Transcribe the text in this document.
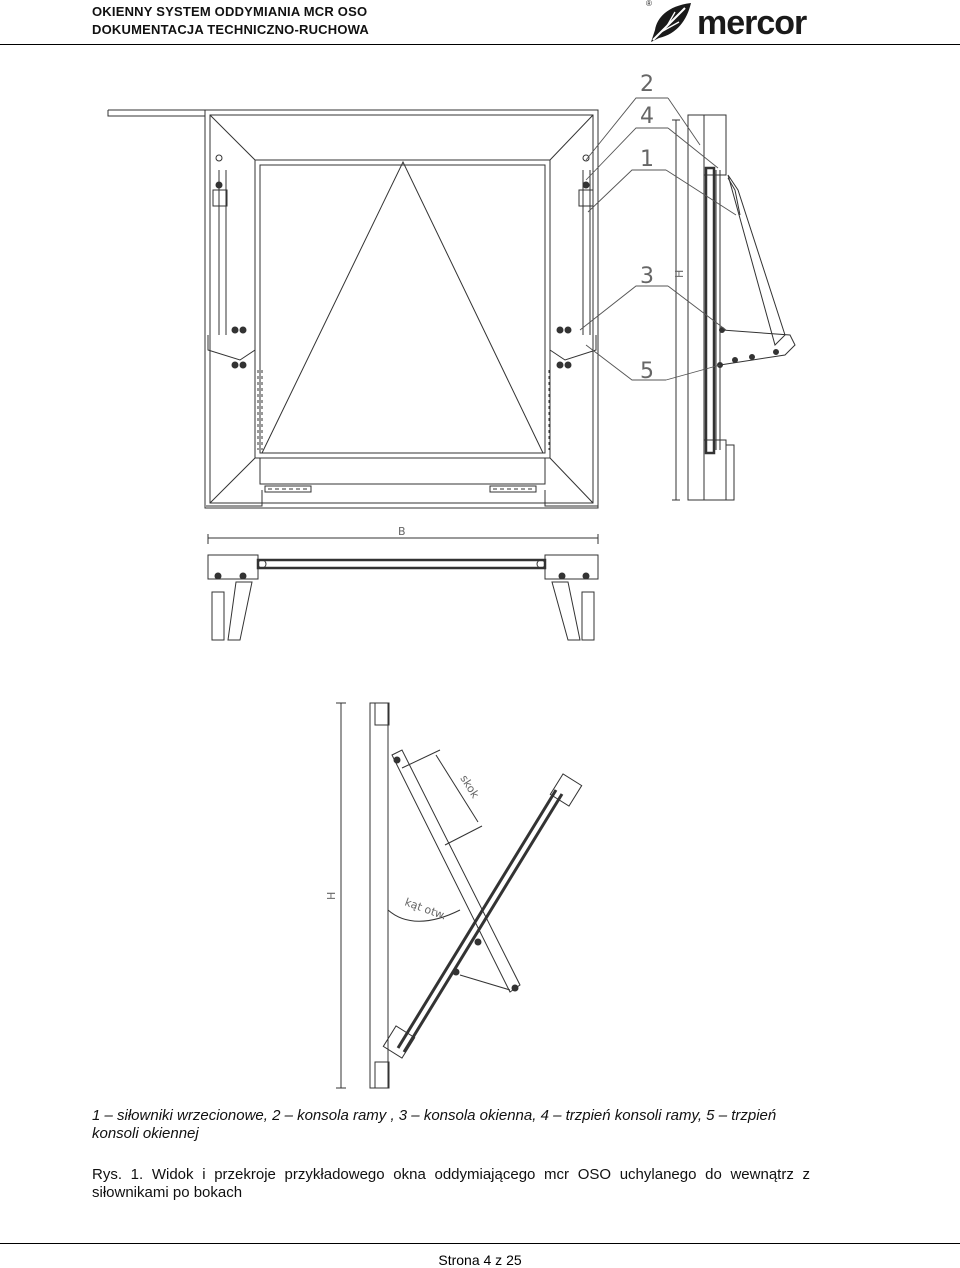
OKIENNY SYSTEM ODDYMIANIA MCR OSO
DOKUMENTACJA TECHNICZNO-RUCHOWA
®
mercor
2
4
1
3
5
H
B
skok
kąt otw.
H
1 – siłowniki wrzecionowe, 2 – konsola ramy , 3 – konsola okienna, 4 – trzpień konsoli ramy, 5 – trzpień konsoli okiennej
Rys. 1. Widok i przekroje przykładowego okna oddymiającego mcr OSO uchylanego do wewnątrz z siłownikami po bokach
Strona 4 z 25
